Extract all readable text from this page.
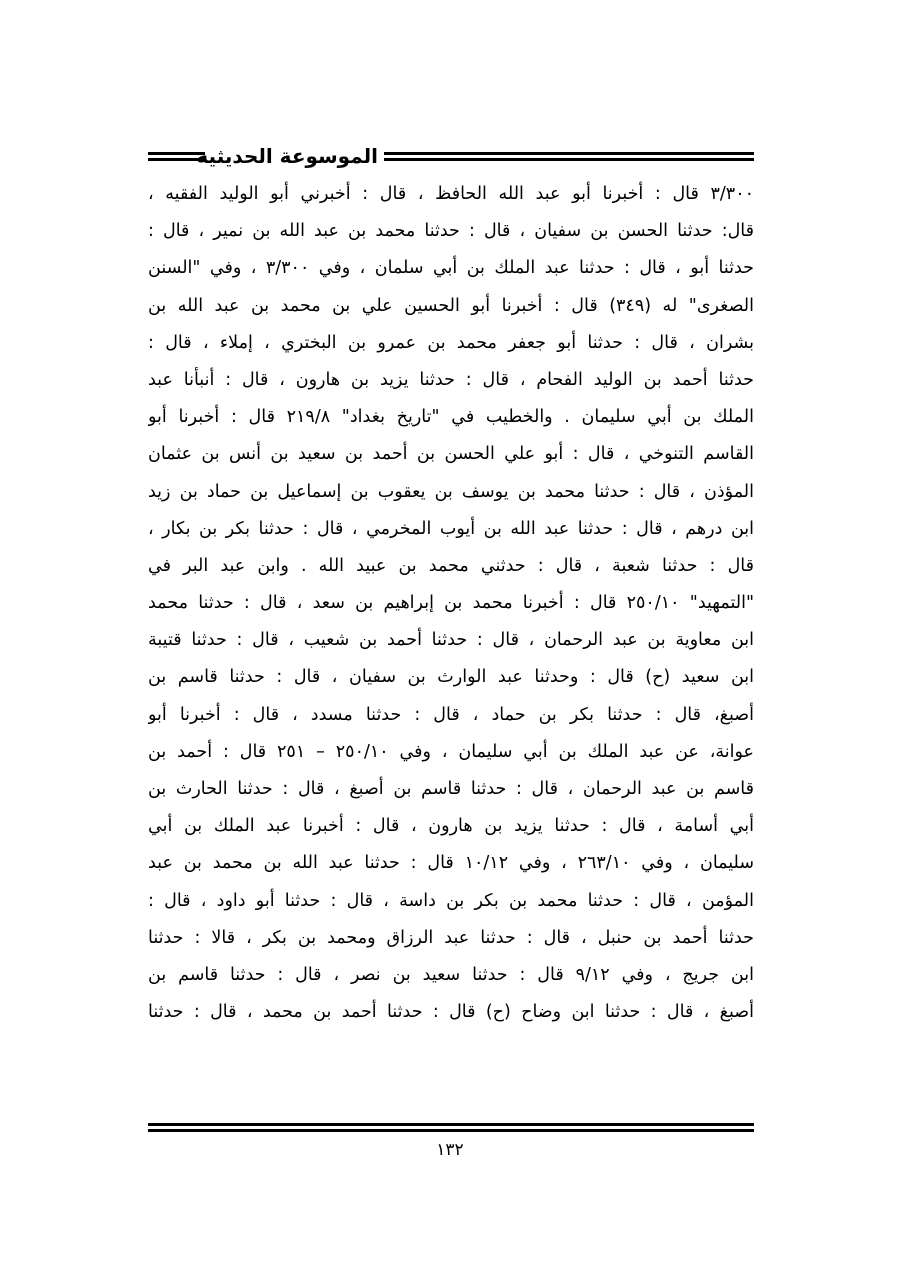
الموسوعة الحديثية
٣/٣٠٠ قال : أخبرنا أبو عبد الله الحافظ ، قال : أخبرني أبو الوليد الفقيه ،
قال: حدثنا الحسن بن سفيان ، قال : حدثنا محمد بن عبد الله بن نمير ، قال :
حدثنا أبو ، قال : حدثنا عبد الملك بن أبي سلمان ، وفي ٣/٣٠٠ ، وفي "السنن
الصغرى" له (٣٤٩) قال : أخبرنا أبو الحسين علي بن محمد بن عبد الله بن
بشران ، قال : حدثنا أبو جعفر محمد بن عمرو بن البختري ، إملاء ، قال :
حدثنا أحمد بن الوليد الفحام ، قال : حدثنا يزيد بن هارون ، قال : أنبأنا عبد
الملك بن أبي سليمان . والخطيب في "تاريخ بغداد" ٢١٩/٨ قال : أخبرنا أبو
القاسم التنوخي ، قال : أبو علي الحسن بن أحمد بن سعيد بن أنس بن عثمان
المؤذن ، قال : حدثنا محمد بن يوسف بن يعقوب بن إسماعيل بن حماد بن زيد
ابن درهم ، قال : حدثنا عبد الله بن أيوب المخرمي ، قال : حدثنا بكر بن بكار ،
قال : حدثنا شعبة ، قال : حدثني محمد بن عبيد الله . وابن عبد البر في
"التمهيد" ٢٥٠/١٠ قال : أخبرنا محمد بن إبراهيم بن سعد ، قال : حدثنا محمد
ابن معاوية بن عبد الرحمان ، قال : حدثنا أحمد بن شعيب ، قال : حدثنا قتيبة
ابن سعيد (ح) قال : وحدثنا عبد الوارث بن سفيان ، قال : حدثنا قاسم بن
أصبغ، قال : حدثنا بكر بن حماد ، قال : حدثنا مسدد ، قال : أخبرنا أبو
عوانة، عن عبد الملك بن أبي سليمان ، وفي ٢٥٠/١٠ – ٢٥١ قال : أحمد بن
قاسم بن عبد الرحمان ، قال : حدثنا قاسم بن أصبغ ، قال : حدثنا الحارث بن
أبي أسامة ، قال : حدثنا يزيد بن هارون ، قال : أخبرنا عبد الملك بن أبي
سليمان ، وفي ٢٦٣/١٠ ، وفي ١٠/١٢ قال : حدثنا عبد الله بن محمد بن عبد
المؤمن ، قال : حدثنا محمد بن بكر بن داسة ، قال : حدثنا أبو داود ، قال :
حدثنا أحمد بن حنبل ، قال : حدثنا عبد الرزاق ومحمد بن بكر ، قالا : حدثنا
ابن جريج ، وفي ٩/١٢ قال : حدثنا سعيد بن نصر ، قال : حدثنا قاسم بن
أصبغ ، قال : حدثنا ابن وضاح (ح) قال : حدثنا أحمد بن محمد ، قال : حدثنا
١٣٢
